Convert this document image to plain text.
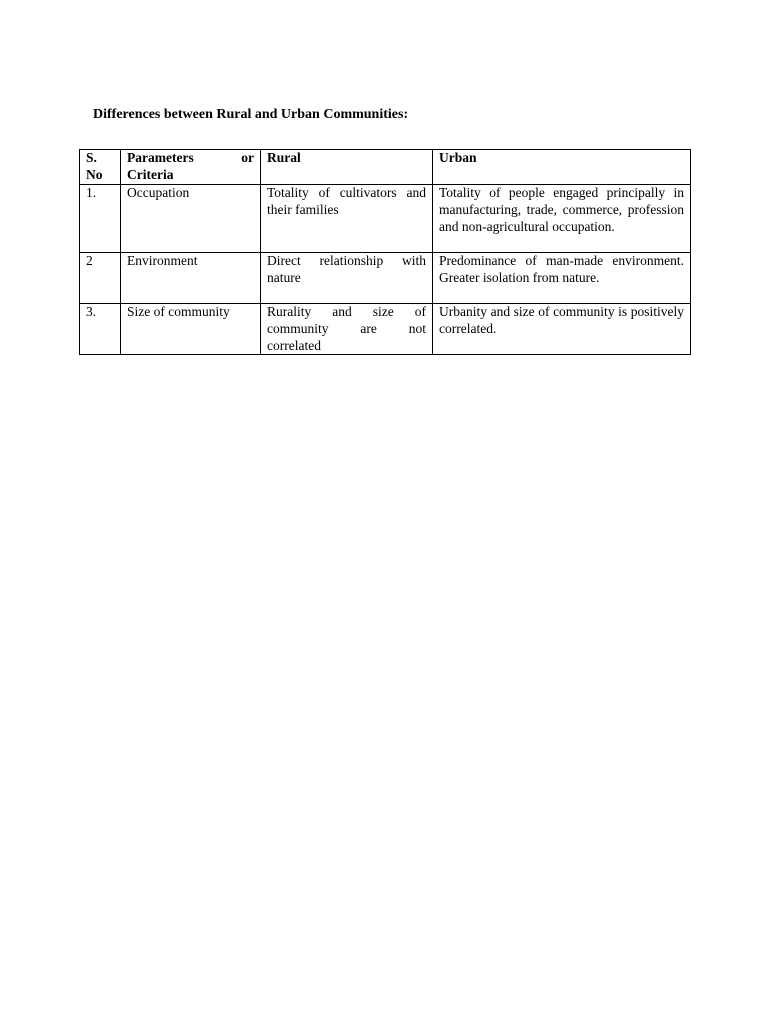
Differences between Rural and Urban Communities:
S. No	Parameters or Criteria	Rural	Urban
1.	Occupation	Totality of cultivators and their families	Totality of people engaged principally in manufacturing, trade, commerce, profession and non-agricultural occupation.
2	Environment	Direct relationship with nature	Predominance of man-made environment. Greater isolation from nature.
3.	Size of community	Rurality and size of community are not correlated	Urbanity and size of community is positively correlated.
